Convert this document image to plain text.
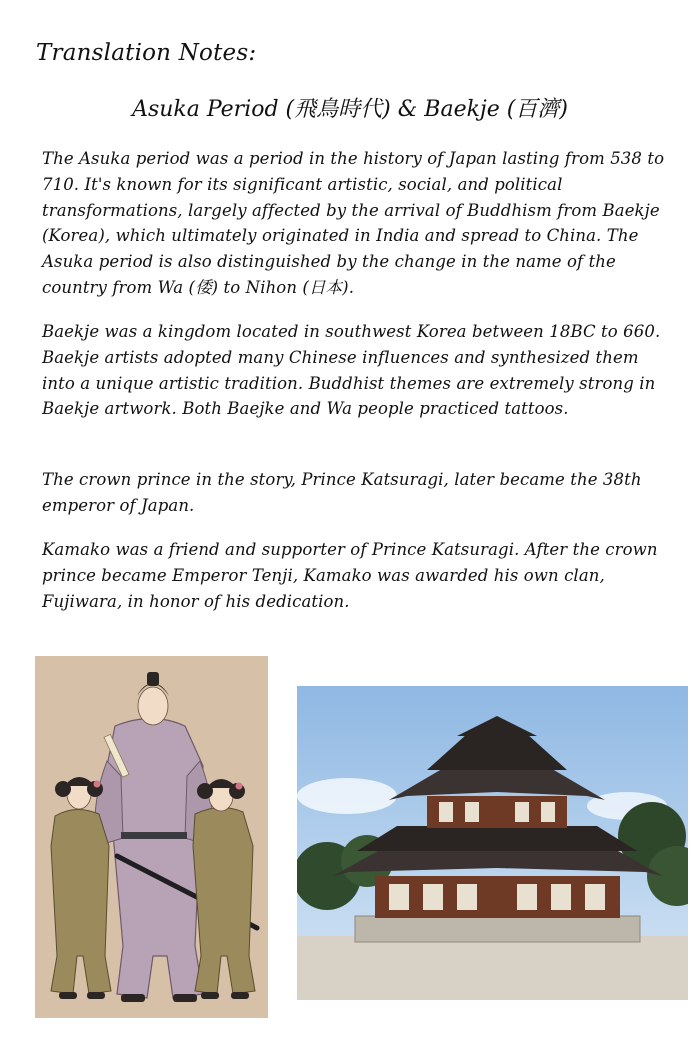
Translation Notes:
Asuka Period (飛鳥時代) & Baekje (百濟)
The Asuka period was a period in the history of Japan lasting from 538 to 710. It's known for its significant artistic, social, and political transformations, largely affected by the arrival of Buddhism from Baekje (Korea), which ultimately originated in India and spread to China. The Asuka period is also distinguished by the change in the name of the country from Wa (倭) to Nihon (日本).
Baekje was a kingdom located in southwest Korea between 18BC to 660. Baekje artists adopted many Chinese influences and synthesized them into a unique artistic tradition. Buddhist themes are extremely strong in Baekje artwork. Both Baejke and Wa people practiced tattoos.
The crown prince in the story, Prince Katsuragi, later became the 38th emperor of Japan.
Kamako was a friend and supporter of Prince Katsuragi. After the crown prince became Emperor Tenji, Kamako was awarded his own clan, Fujiwara, in honor of his dedication.
